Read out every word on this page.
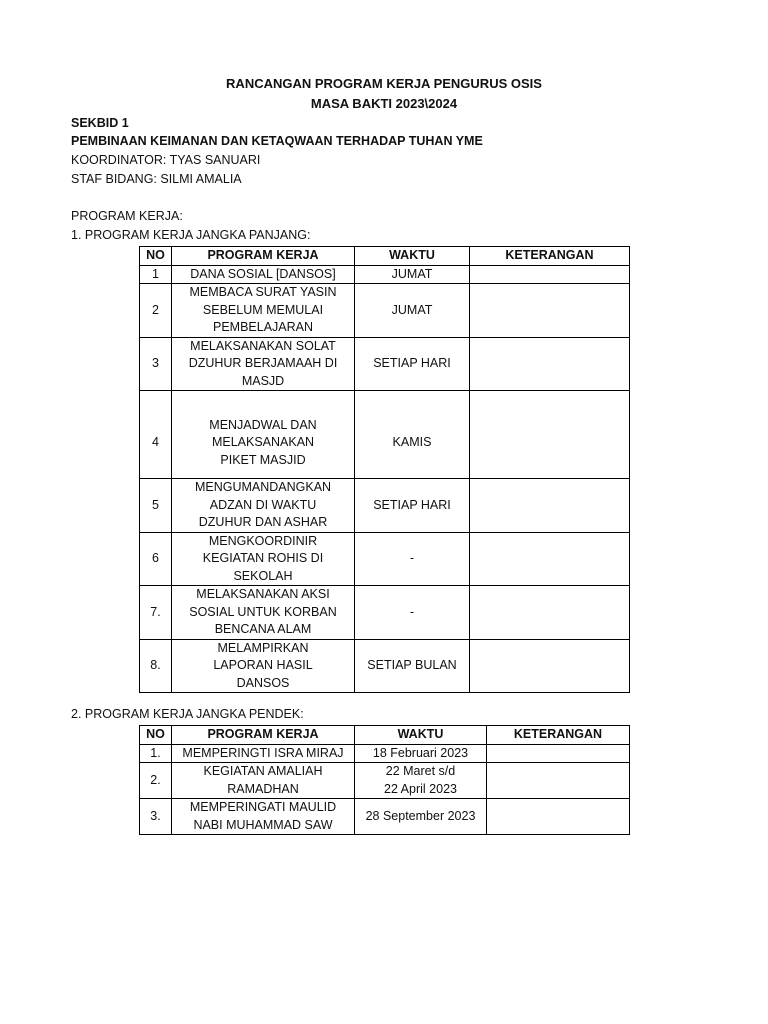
RANCANGAN PROGRAM KERJA PENGURUS OSIS
MASA BAKTI 2023\2024
SEKBID 1
PEMBINAAN KEIMANAN DAN KETAQWAAN TERHADAP TUHAN YME
KOORDINATOR: TYAS SANUARI
STAF BIDANG: SILMI AMALIA
PROGRAM KERJA:
1. PROGRAM KERJA JANGKA PANJANG:
NO	PROGRAM KERJA	WAKTU	KETERANGAN
1	DANA SOSIAL [DANSOS]	JUMAT	
2	MEMBACA SURAT YASIN SEBELUM MEMULAI PEMBELAJARAN	JUMAT	
3	MELAKSANAKAN SOLAT DZUHUR BERJAMAAH DI MASJD	SETIAP HARI	
4	MENJADWAL DAN MELAKSANAKAN PIKET MASJID	KAMIS	
5	MENGUMANDANGKAN ADZAN DI WAKTU DZUHUR DAN ASHAR	SETIAP HARI	
6	MENGKOORDINIR KEGIATAN ROHIS DI SEKOLAH	-	
7.	MELAKSANAKAN AKSI SOSIAL UNTUK KORBAN BENCANA ALAM	-	
8.	MELAMPIRKAN LAPORAN HASIL DANSOS	SETIAP BULAN	
2. PROGRAM KERJA JANGKA PENDEK:
NO	PROGRAM KERJA	WAKTU	KETERANGAN
1.	MEMPERINGTI ISRA MIRAJ	18 Februari 2023	
2.	KEGIATAN AMALIAH RAMADHAN	22 Maret s/d 22 April 2023	
3.	MEMPERINGATI MAULID NABI MUHAMMAD SAW	28 September 2023	
